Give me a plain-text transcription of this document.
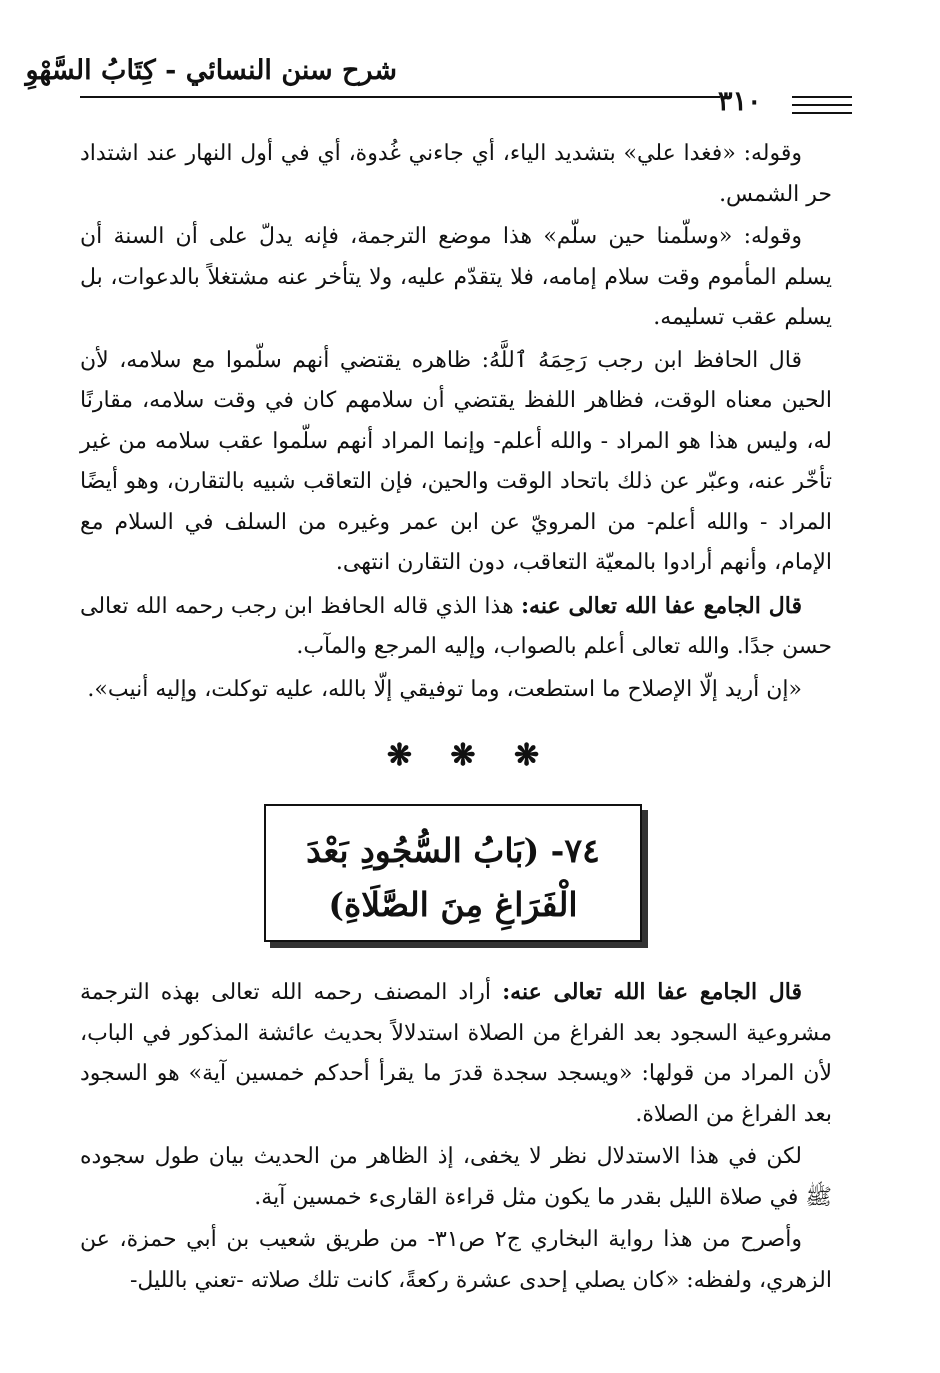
شرح سنن النسائي - كِتَابُ السَّهْوِ
٣١٠

وقوله: «فغدا علي» بتشديد الياء، أي جاءني غُدوة، أي في أول النهار عند اشتداد حر الشمس.

وقوله: «وسلّمنا حين سلّم» هذا موضع الترجمة، فإنه يدلّ على أن السنة أن يسلم المأموم وقت سلام إمامه، فلا يتقدّم عليه، ولا يتأخر عنه مشتغلاً بالدعوات، بل يسلم عقب تسليمه.

قال الحافظ ابن رجب رَحِمَهُ ٱللَّهُ: ظاهره يقتضي أنهم سلّموا مع سلامه، لأن الحين معناه الوقت، فظاهر اللفظ يقتضي أن سلامهم كان في وقت سلامه، مقارنًا له، وليس هذا هو المراد - والله أعلم- وإنما المراد أنهم سلّموا عقب سلامه من غير تأخّر عنه، وعبّر عن ذلك باتحاد الوقت والحين، فإن التعاقب شبيه بالتقارن، وهو أيضًا المراد - والله أعلم- من المرويّ عن ابن عمر وغيره من السلف في السلام مع الإمام، وأنهم أرادوا بالمعيّة التعاقب، دون التقارن انتهى.

قال الجامع عفا الله تعالى عنه: هذا الذي قاله الحافظ ابن رجب رحمه الله تعالى حسن جدًا. والله تعالى أعلم بالصواب، وإليه المرجع والمآب.

«إن أريد إلّا الإصلاح ما استطعت، وما توفيقي إلّا بالله، عليه توكلت، وإليه أنيب».

❋ ❋ ❋
٧٤- (بَابُ السُّجُودِ بَعْدَ الْفَرَاغِ مِنَ الصَّلَاةِ)

قال الجامع عفا الله تعالى عنه: أراد المصنف رحمه الله تعالى بهذه الترجمة مشروعية السجود بعد الفراغ من الصلاة استدلالاً بحديث عائشة المذكور في الباب، لأن المراد من قولها: «ويسجد سجدة قدرَ ما يقرأ أحدكم خمسين آية» هو السجود بعد الفراغ من الصلاة.

لكن في هذا الاستدلال نظر لا يخفى، إذ الظاهر من الحديث بيان طول سجوده ﷺ في صلاة الليل بقدر ما يكون مثل قراءة القارىء خمسين آية.

وأصرح من هذا رواية البخاري ج٢ ص٣١- من طريق شعيب بن أبي حمزة، عن الزهري، ولفظه: «كان يصلي إحدى عشرة ركعةً، كانت تلك صلاته -تعني بالليل-
